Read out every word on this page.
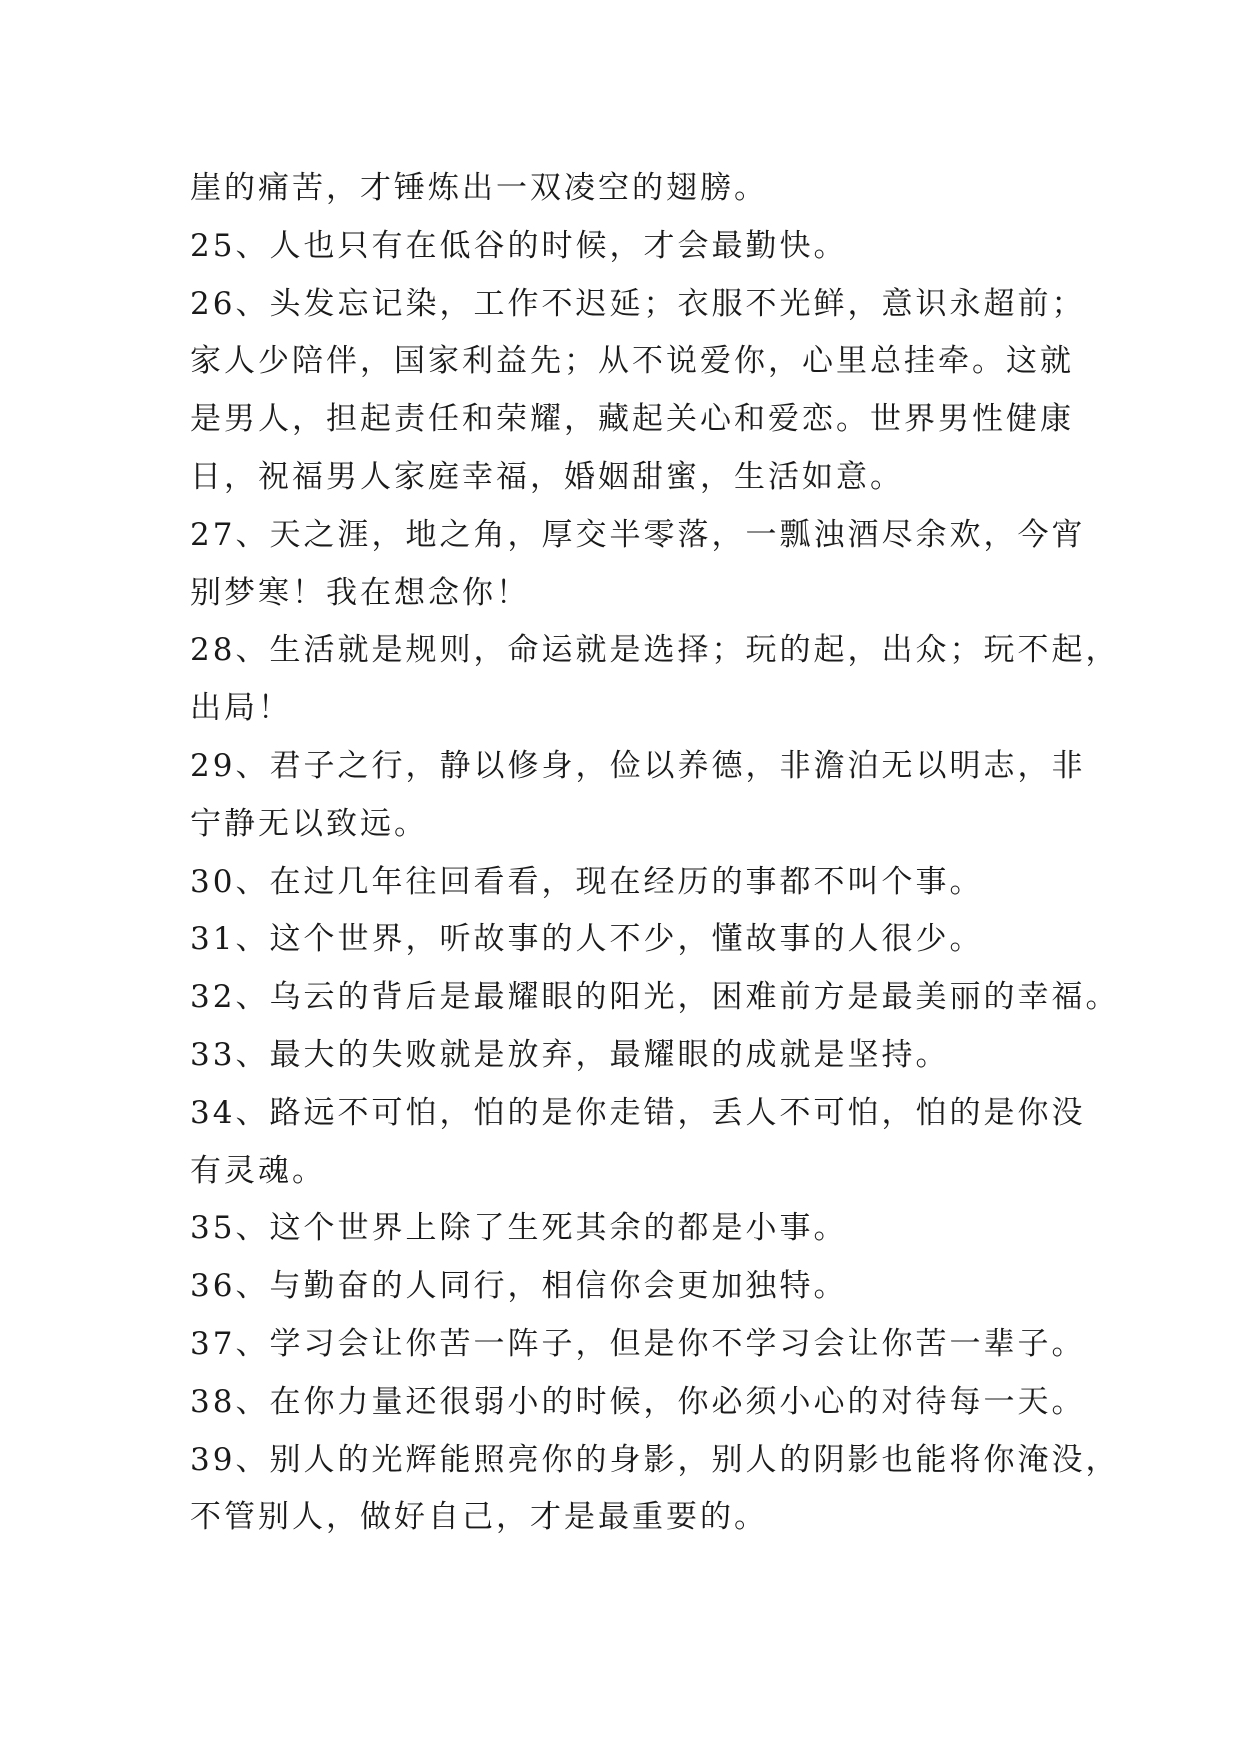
崖的痛苦，才锤炼出一双凌空的翅膀。

25、人也只有在低谷的时候，才会最勤快。

26、头发忘记染，工作不迟延；衣服不光鲜，意识永超前；

家人少陪伴，国家利益先；从不说爱你，心里总挂牵。这就

是男人，担起责任和荣耀，藏起关心和爱恋。世界男性健康

日，祝福男人家庭幸福，婚姻甜蜜，生活如意。

27、天之涯，地之角，厚交半零落，一瓢浊酒尽余欢，今宵

别梦寒！我在想念你！

28、生活就是规则，命运就是选择；玩的起，出众；玩不起，

出局！

29、君子之行，静以修身，俭以养德，非澹泊无以明志，非

宁静无以致远。

30、在过几年往回看看，现在经历的事都不叫个事。

31、这个世界，听故事的人不少，懂故事的人很少。

32、乌云的背后是最耀眼的阳光，困难前方是最美丽的幸福。

33、最大的失败就是放弃，最耀眼的成就是坚持。

34、路远不可怕，怕的是你走错，丢人不可怕，怕的是你没

有灵魂。

35、这个世界上除了生死其余的都是小事。

36、与勤奋的人同行，相信你会更加独特。

37、学习会让你苦一阵子，但是你不学习会让你苦一辈子。

38、在你力量还很弱小的时候，你必须小心的对待每一天。

39、别人的光辉能照亮你的身影，别人的阴影也能将你淹没，

不管别人，做好自己，才是最重要的。
